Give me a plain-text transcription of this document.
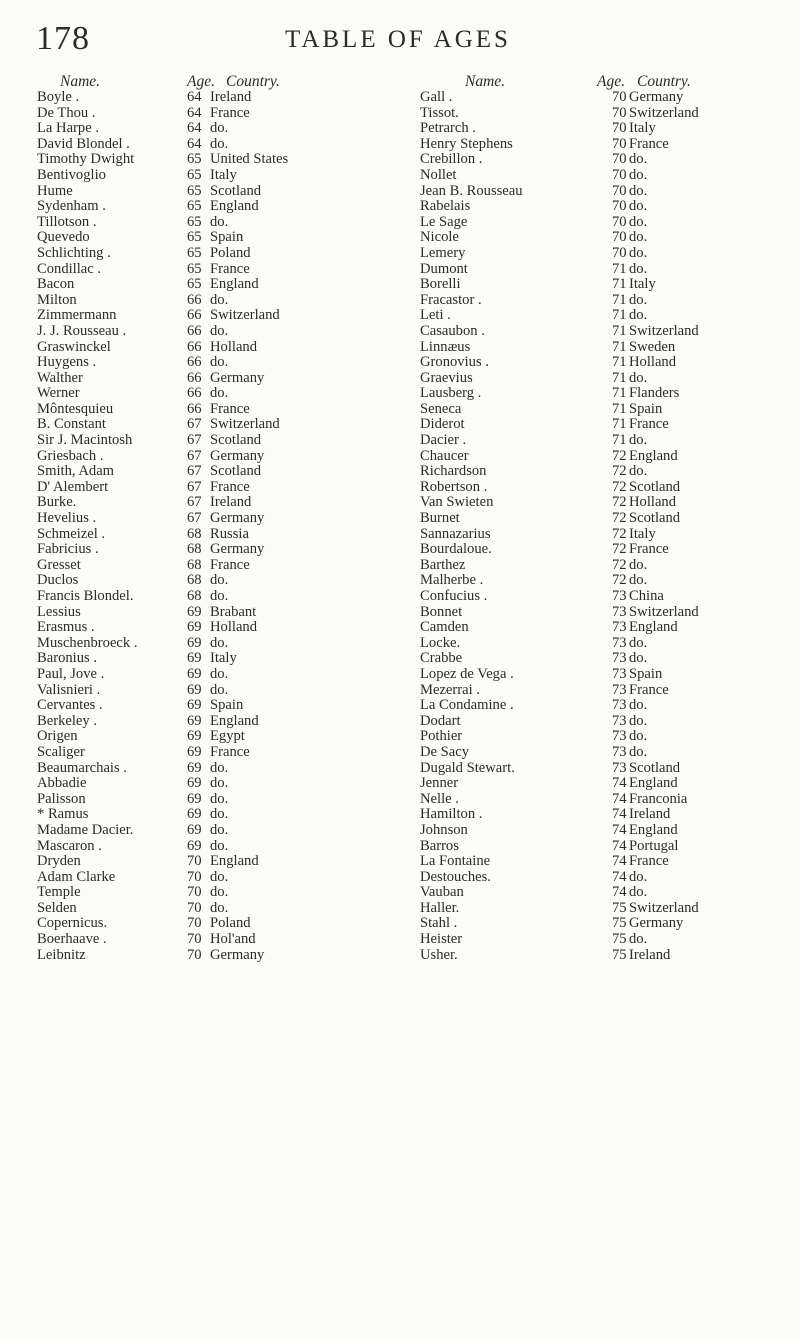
178	TABLE OF AGES
Name.	Age. Country.	Name.	Age. Country.
Boyle .	64 Ireland
De Thou .	64 France
La Harpe .	64 do.
David Blondel .	64 do.
Timothy Dwight	65 United States
Bentivoglio	65 Italy
Hume	65 Scotland
Sydenham .	65 England
Tillotson .	65 do.
Quevedo	65 Spain
Schlichting .	65 Poland
Condillac .	65 France
Bacon	65 England
Milton	66 do.
Zimmermann	66 Switzerland
J. J. Rousseau .	66 do.
Graswinckel	66 Holland
Huygens .	66 do.
Walther	66 Germany
Werner	66 do.
Môntesquieu	66 France
B. Constant	67 Switzerland
Sir J. Macintosh	67 Scotland
Griesbach .	67 Germany
Smith, Adam	67 Scotland
D' Alembert	67 France
Burke.	67 Ireland
Hevelius .	67 Germany
Schmeizel .	68 Russia
Fabricius .	68 Germany
Gresset	68 France
Duclos	68 do.
Francis Blondel.	68 do.
Lessius	69 Brabant
Erasmus .	69 Holland
Muschenbroeck .	69 do.
Baronius .	69 Italy
Paul, Jove .	69 do.
Valisnieri .	69 do.
Cervantes .	69 Spain
Berkeley .	69 England
Origen	69 Egypt
Scaliger	69 France
Beaumarchais .	69 do.
Abbadie	69 do.
Palisson	69 do.
* Ramus	69 do.
Madame Dacier.	69 do.
Mascaron .	69 do.
Dryden	70 England
Adam Clarke	70 do.
Temple	70 do.
Selden	70 do.
Copernicus.	70 Poland
Boerhaave .	70 Hol'and
Leibnitz	70 Germany
Gall .	70 Germany
Tissot.	70 Switzerland
Petrarch .	70 Italy
Henry Stephens	70 France
Crebillon .	70 do.
Nollet	70 do.
Jean B. Rousseau	70 do.
Rabelais	70 do.
Le Sage	70 do.
Nicole	70 do.
Lemery	70 do.
Dumont	71 do.
Borelli	71 Italy
Fracastor .	71 do.
Leti .	71 do.
Casaubon .	71 Switzerland
Linnæus	71 Sweden
Gronovius .	71 Holland
Graevius	71 do.
Lausberg .	71 Flanders
Seneca	71 Spain
Diderot	71 France
Dacier .	71 do.
Chaucer	72 England
Richardson	72 do.
Robertson .	72 Scotland
Van Swieten	72 Holland
Burnet	72 Scotland
Sannazarius	72 Italy
Bourdaloue.	72 France
Barthez	72 do.
Malherbe .	72 do.
Confucius .	73 China
Bonnet	73 Switzerland
Camden	73 England
Locke.	73 do.
Crabbe	73 do.
Lopez de Vega .	73 Spain
Mezerrai .	73 France
La Condamine .	73 do.
Dodart	73 do.
Pothier	73 do.
De Sacy	73 do.
Dugald Stewart.	73 Scotland
Jenner	74 England
Nelle .	74 Franconia
Hamilton .	74 Ireland
Johnson	74 England
Barros	74 Portugal
La Fontaine	74 France
Destouches.	74 do.
Vauban	74 do.
Haller.	75 Switzerland
Stahl .	75 Germany
Heister	75 do.
Usher.	75 Ireland
